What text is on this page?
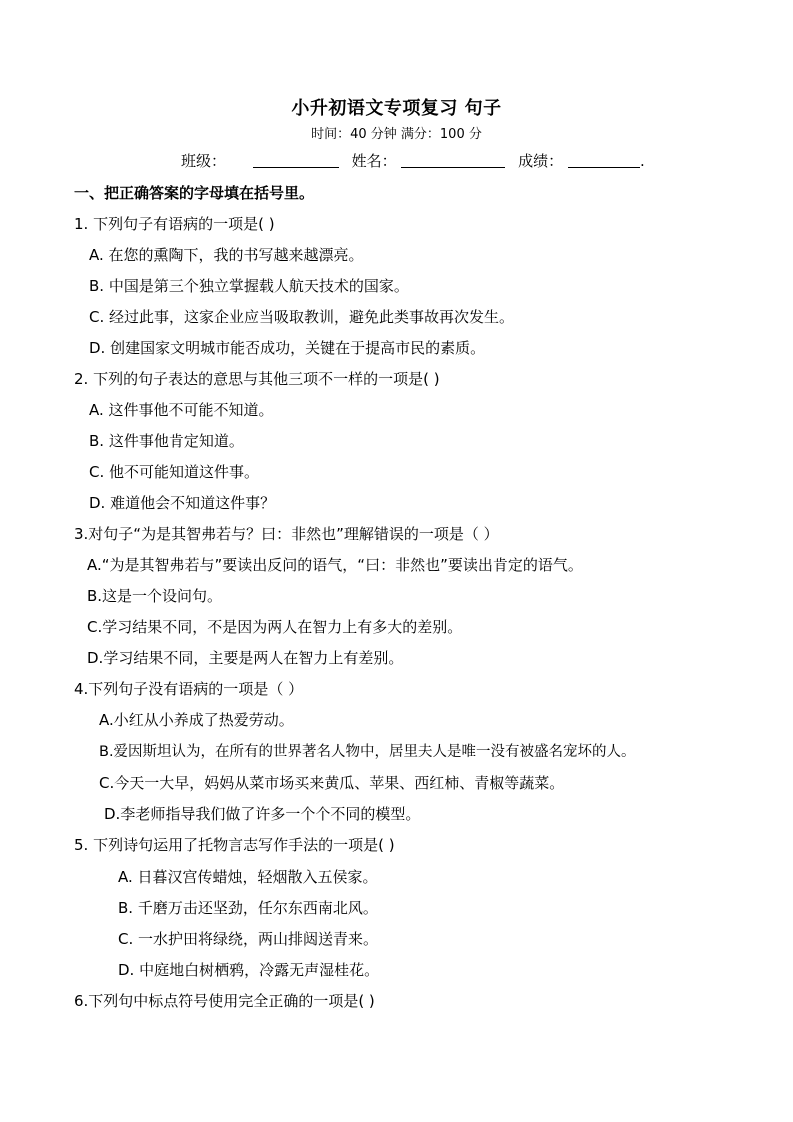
小升初语文专项复习 句子
时间：40 分钟 满分：100 分
班级：	姓名：	成绩：	.
一、把正确答案的字母填在括号里。
1. 下列句子有语病的一项是( )
A. 在您的熏陶下，我的书写越来越漂亮。
B. 中国是第三个独立掌握载人航天技术的国家。
C. 经过此事，这家企业应当吸取教训，避免此类事故再次发生。
D. 创建国家文明城市能否成功，关键在于提高市民的素质。
2. 下列的句子表达的意思与其他三项不一样的一项是( )
A. 这件事他不可能不知道。
B. 这件事他肯定知道。
C. 他不可能知道这件事。
D. 难道他会不知道这件事？
3.对句子“为是其智弗若与？曰：非然也”理解错误的一项是（ ）
A.“为是其智弗若与”要读出反问的语气，“曰：非然也”要读出肯定的语气。
B.这是一个设问句。
C.学习结果不同，不是因为两人在智力上有多大的差别。
D.学习结果不同，主要是两人在智力上有差别。
4.下列句子没有语病的一项是（ ）
A.小红从小养成了热爱劳动。
B.爱因斯坦认为，在所有的世界著名人物中，居里夫人是唯一没有被盛名宠坏的人。
C.今天一大早，妈妈从菜市场买来黄瓜、苹果、西红柿、青椒等蔬菜。
D.李老师指导我们做了许多一个个不同的模型。
5. 下列诗句运用了托物言志写作手法的一项是( )
A. 日暮汉宫传蜡烛，轻烟散入五侯家。
B. 千磨万击还坚劲，任尔东西南北风。
C. 一水护田将绿绕，两山排闼送青来。
D. 中庭地白树栖鸦，冷露无声湿桂花。
6.下列句中标点符号使用完全正确的一项是( )
